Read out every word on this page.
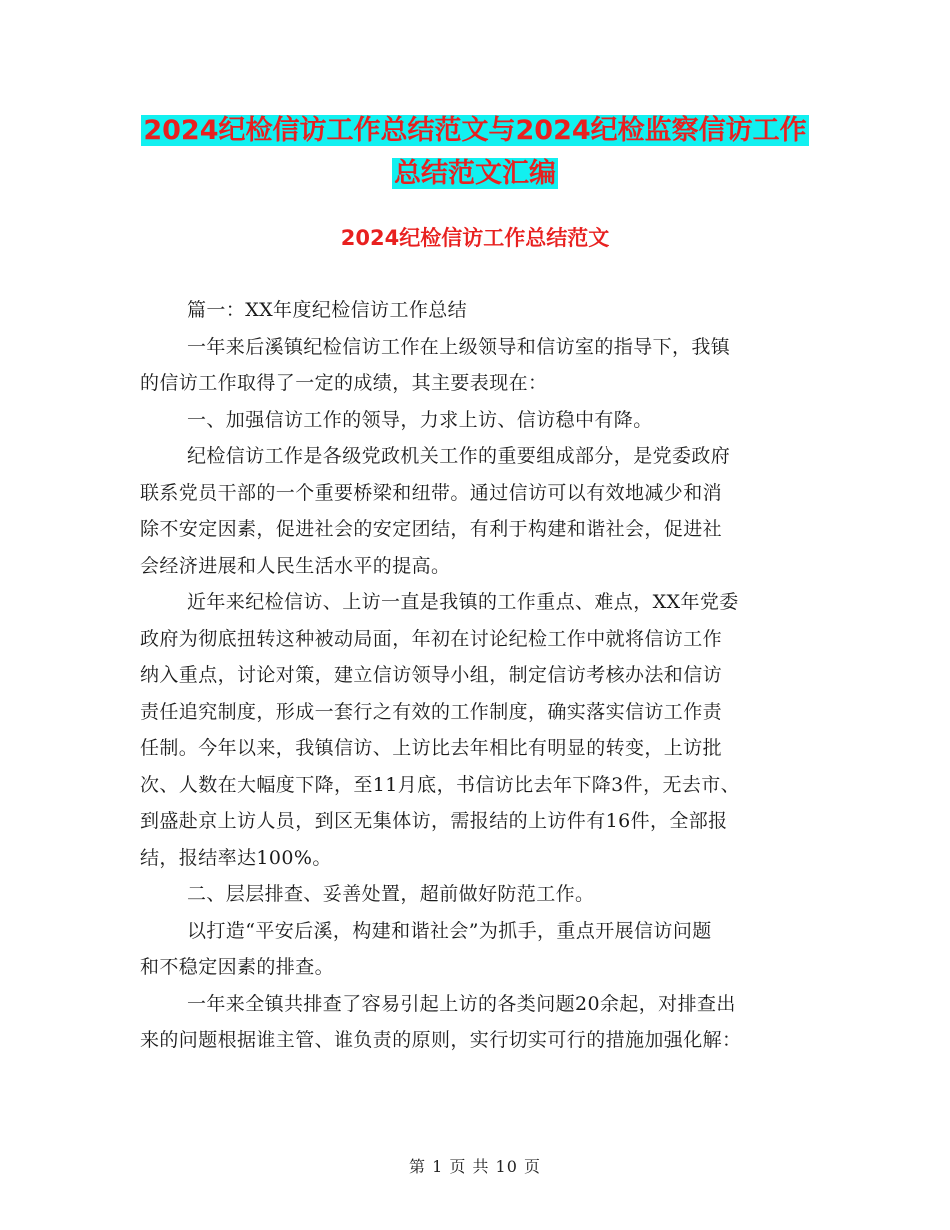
2024纪检信访工作总结范文与2024纪检监察信访工作
总结范文汇编
2024纪检信访工作总结范文
篇一：XX年度纪检信访工作总结
一年来后溪镇纪检信访工作在上级领导和信访室的指导下，我镇
的信访工作取得了一定的成绩，其主要表现在：
一、加强信访工作的领导，力求上访、信访稳中有降。
纪检信访工作是各级党政机关工作的重要组成部分，是党委政府
联系党员干部的一个重要桥梁和纽带。通过信访可以有效地减少和消
除不安定因素，促进社会的安定团结，有利于构建和谐社会，促进社
会经济进展和人民生活水平的提高。
近年来纪检信访、上访一直是我镇的工作重点、难点，XX年党委
政府为彻底扭转这种被动局面，年初在讨论纪检工作中就将信访工作
纳入重点，讨论对策，建立信访领导小组，制定信访考核办法和信访
责任追究制度，形成一套行之有效的工作制度，确实落实信访工作责
任制。今年以来，我镇信访、上访比去年相比有明显的转变，上访批
次、人数在大幅度下降，至11月底，书信访比去年下降3件，无去市、
到盛赴京上访人员，到区无集体访，需报结的上访件有16件，全部报
结，报结率达100%。
二、层层排查、妥善处置，超前做好防范工作。
以打造“平安后溪，构建和谐社会”为抓手，重点开展信访问题
和不稳定因素的排查。
一年来全镇共排查了容易引起上访的各类问题20余起，对排查出
来的问题根据谁主管、谁负责的原则，实行切实可行的措施加强化解：
第 1 页 共 10 页
